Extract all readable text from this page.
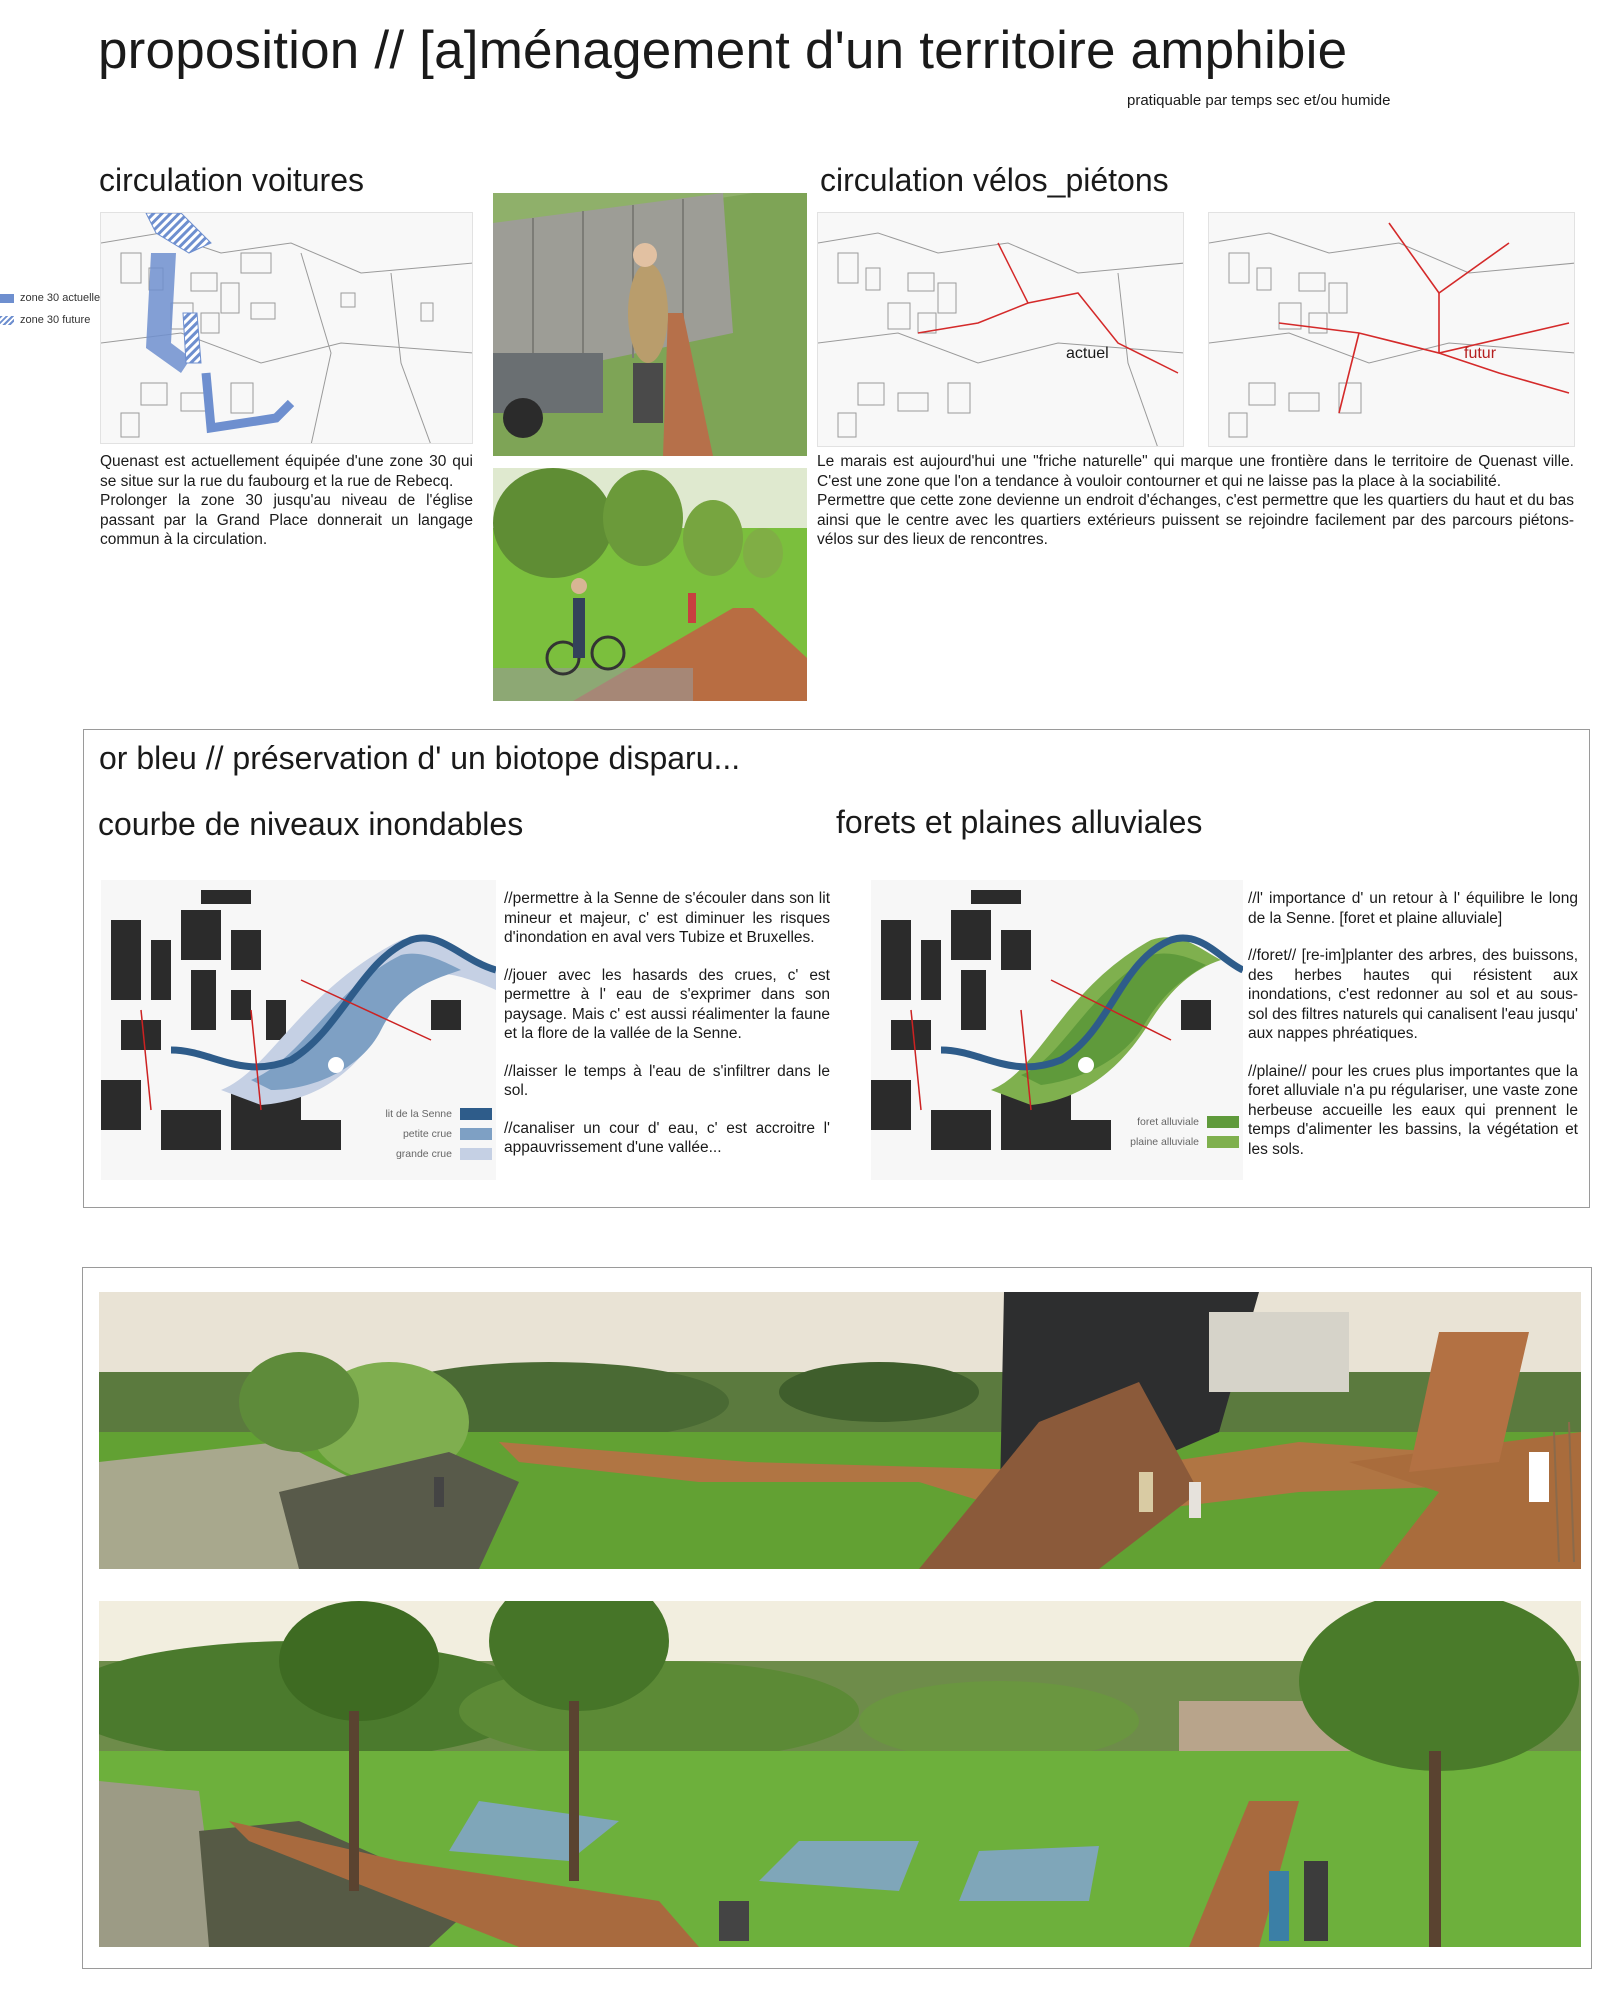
proposition // [a]ménagement d'un territoire amphibie
pratiquable par temps sec et/ou humide
circulation voitures
zone 30 actuelle
zone 30 future
Quenast est actuellement équipée d'une zone 30 qui se situe sur la rue du faubourg et la rue de Rebecq.
Prolonger la zone 30 jusqu'au niveau de l'église passant par la Grand Place donnerait un langage commun à la circulation.
circulation vélos_piétons
actuel	futur
Le marais est aujourd'hui une "friche naturelle" qui marque une frontière dans le territoire de Quenast ville. C'est une zone que l'on a tendance à vouloir contourner et qui ne laisse pas la place à la sociabilité.
Permettre que cette zone devienne un endroit d'échanges, c'est permettre que les quartiers du haut et du bas ainsi que le centre avec les quartiers extérieurs puissent se rejoindre facilement par des parcours piétons-vélos sur des lieux de rencontres.
or bleu // préservation d' un biotope disparu...
courbe de niveaux inondables	forets et plaines alluviales
lit de la Senne
petite crue
grande crue

//permettre à la Senne de s'écouler dans son lit mineur et majeur, c' est diminuer les risques d'inondation en aval vers Tubize et Bruxelles.

//jouer avec les hasards des crues, c' est permettre à l' eau de s'exprimer dans son paysage. Mais c' est aussi réalimenter la faune et la flore de la vallée de la Senne.

//laisser le temps à l'eau de s'infiltrer dans le sol.

//canaliser un cour d' eau, c' est accroitre l' appauvrissement d'une vallée...

foret alluviale
plaine alluviale

//l' importance d' un retour à l' équilibre le long de la Senne. [foret et plaine alluviale]

//foret// [re-im]planter des arbres, des buissons, des herbes hautes qui résistent aux inondations, c'est redonner au sol et au sous-sol des filtres naturels qui canalisent l'eau jusqu' aux nappes phréatiques.

//plaine// pour les crues plus importantes que la foret alluviale n'a pu régulariser, une vaste zone herbeuse accueille les eaux qui prennent le temps d'alimenter les bassins, la végétation et les sols.
